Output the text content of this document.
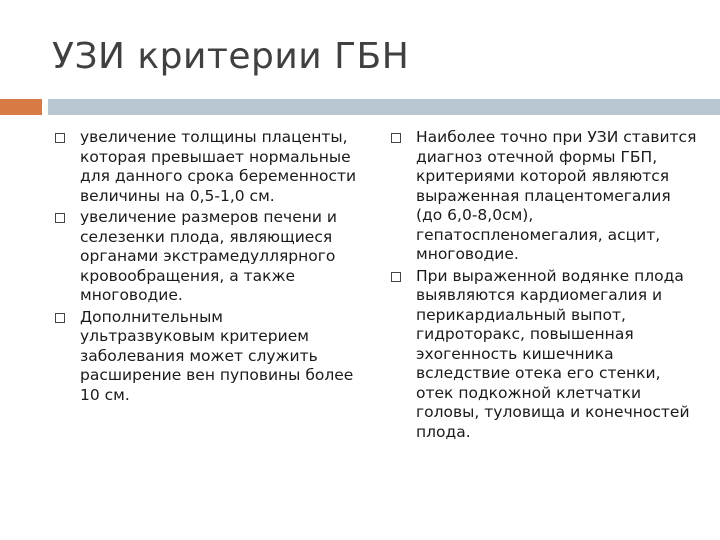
УЗИ критерии ГБН
увеличение толщины плаценты, которая превышает нормальные для данного срока беременности величины на 0,5-1,0 см.
увеличение размеров печени и селезенки плода, являющиеся органами экстрамедуллярного кровообращения, а также многоводие.
Дополнительным ультразвуковым критерием заболевания может служить расширение вен пуповины более 10 см.
Наиболее точно при УЗИ ставится диагноз отечной формы ГБП, критериями которой являются выраженная плацентомегалия (до 6,0-8,0см), гепатоспленомегалия, асцит, многоводие.
При выраженной водянке плода выявляются кардиомегалия и перикардиальный выпот, гидроторакс, повышенная эхогенность кишечника вследствие отека его стенки, отек подкожной клетчатки головы, туловища и конечностей плода.
